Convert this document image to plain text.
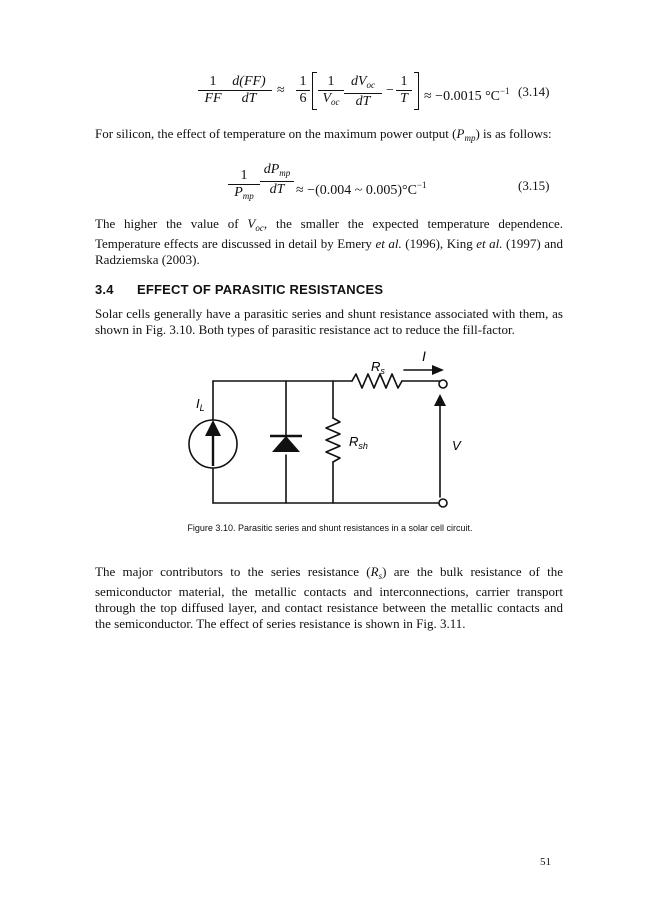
1
FF
d(FF)
dT
≈
1
6
1
$V_{oc}$
$dV_{oc}$
dT
−
1
T ≈ −0.0015 $^\circ C^{-1}$ (3.14)
For silicon, the effect of temperature on the maximum power output $(P_{mp})$ is as follows:
1
$P_{mp}$
$dP_{mp}$
dT ≈ −(0.004 ~ $0.005)^\circ C^{-1}$	(3.15)
The higher the value of $V_{oc}$, the smaller the expected temperature dependence. Temperature effects are discussed in detail by Emery et al. (1996), King et al. (1997) and Radziemska (2003).
3.4 EFFECT OF PARASITIC RESISTANCES
Solar cells generally have a parasitic series and shunt resistance associated with them, as shown in Fig. 3.10. Both types of parasitic resistance act to reduce the fill-factor.
$R_s$
I
$I_L$
$R_{sh}$	V
Figure 3.10. Parasitic series and shunt resistances in a solar cell circuit.
The major contributors to the series resistance $(R_s)$ are the bulk resistance of the semiconductor material, the metallic contacts and interconnections, carrier transport through the top diffused layer, and contact resistance between the metallic contacts and the semiconductor. The effect of series resistance is shown in Fig. 3.11.
51
